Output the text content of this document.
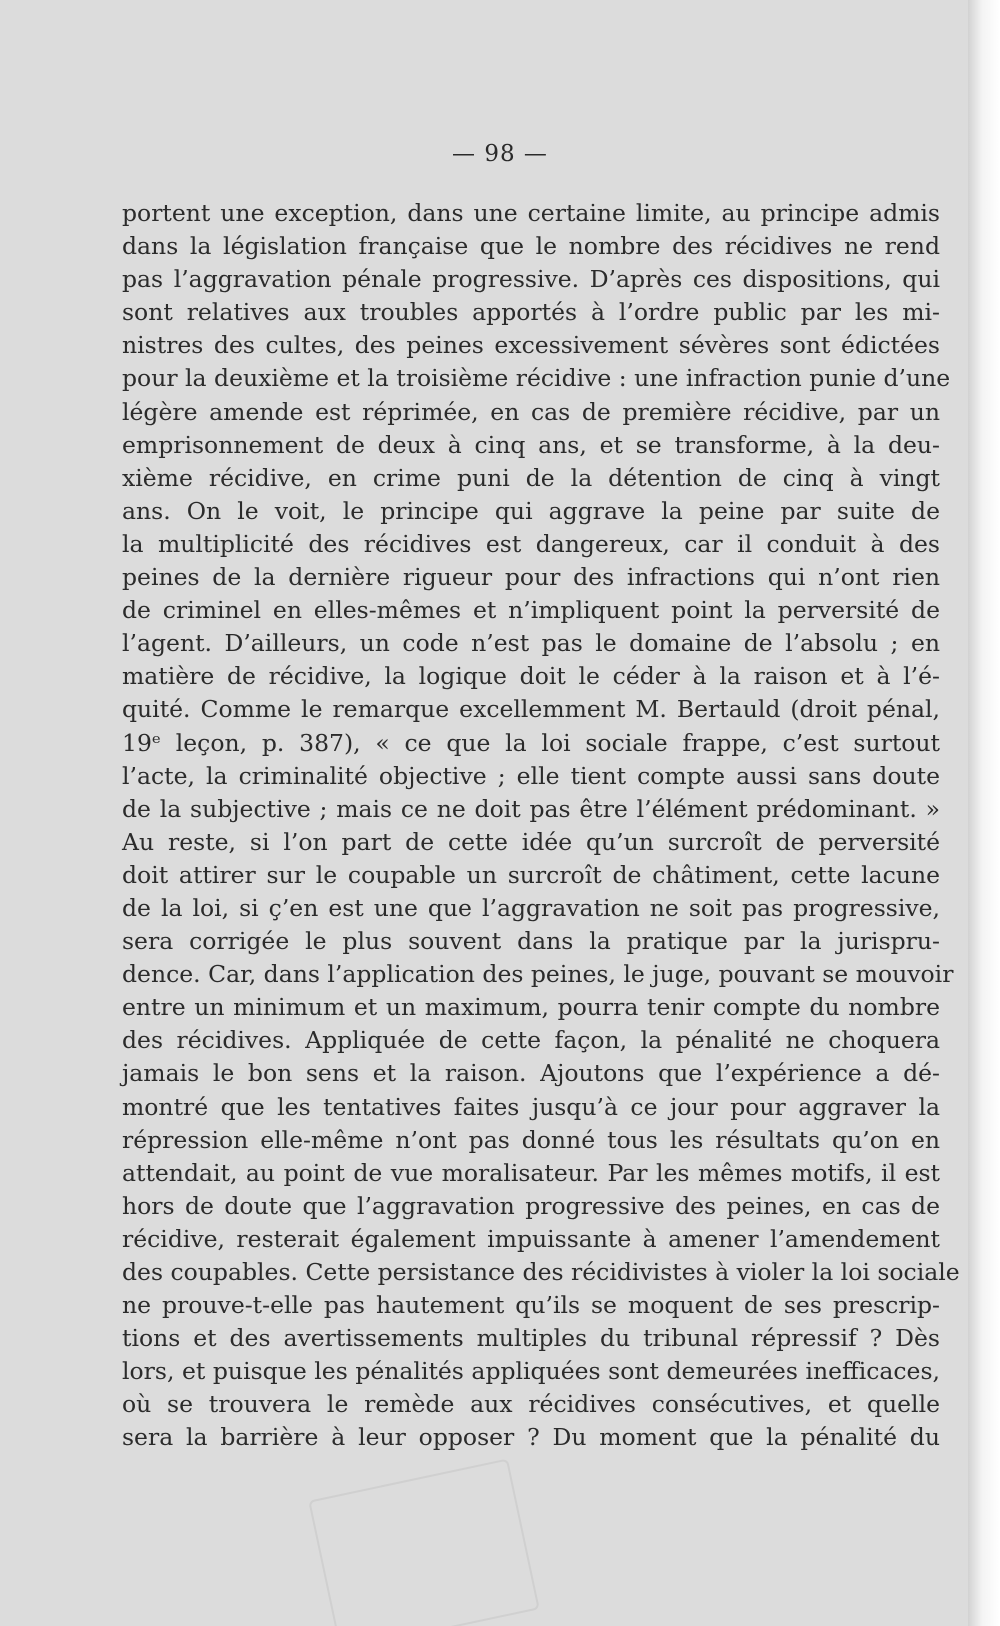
— 98 —

portent une exception, dans une certaine limite, au principe admis
dans la législation française que le nombre des récidives ne rend
pas l’aggravation pénale progressive. D’après ces dispositions, qui
sont relatives aux troubles apportés à l’ordre public par les mi-
nistres des cultes, des peines excessivement sévères sont édictées
pour la deuxième et la troisième récidive : une infraction punie d’une
légère amende est réprimée, en cas de première récidive, par un
emprisonnement de deux à cinq ans, et se transforme, à la deu-
xième récidive, en crime puni de la détention de cinq à vingt
ans. On le voit, le principe qui aggrave la peine par suite de
la multiplicité des récidives est dangereux, car il conduit à des
peines de la dernière rigueur pour des infractions qui n’ont rien
de criminel en elles-mêmes et n’impliquent point la perversité de
l’agent. D’ailleurs, un code n’est pas le domaine de l’absolu ; en
matière de récidive, la logique doit le céder à la raison et à l’é-
quité. Comme le remarque excellemment M. Bertauld (droit pénal,
19ᵉ leçon, p. 387), « ce que la loi sociale frappe, c’est surtout
l’acte, la criminalité objective ; elle tient compte aussi sans doute
de la subjective ; mais ce ne doit pas être l’élément prédominant. »
Au reste, si l’on part de cette idée qu’un surcroît de perversité
doit attirer sur le coupable un surcroît de châtiment, cette lacune
de la loi, si ç’en est une que l’aggravation ne soit pas progressive,
sera corrigée le plus souvent dans la pratique par la jurispru-
dence. Car, dans l’application des peines, le juge, pouvant se mouvoir
entre un minimum et un maximum, pourra tenir compte du nombre
des récidives. Appliquée de cette façon, la pénalité ne choquera
jamais le bon sens et la raison. Ajoutons que l’expérience a dé-
montré que les tentatives faites jusqu’à ce jour pour aggraver la
répression elle-même n’ont pas donné tous les résultats qu’on en
attendait, au point de vue moralisateur. Par les mêmes motifs, il est
hors de doute que l’aggravation progressive des peines, en cas de
récidive, resterait également impuissante à amener l’amendement
des coupables. Cette persistance des récidivistes à violer la loi sociale
ne prouve-t-elle pas hautement qu’ils se moquent de ses prescrip-
tions et des avertissements multiples du tribunal répressif ? Dès
lors, et puisque les pénalités appliquées sont demeurées inefficaces,
où se trouvera le remède aux récidives consécutives, et quelle
sera la barrière à leur opposer ? Du moment que la pénalité du
